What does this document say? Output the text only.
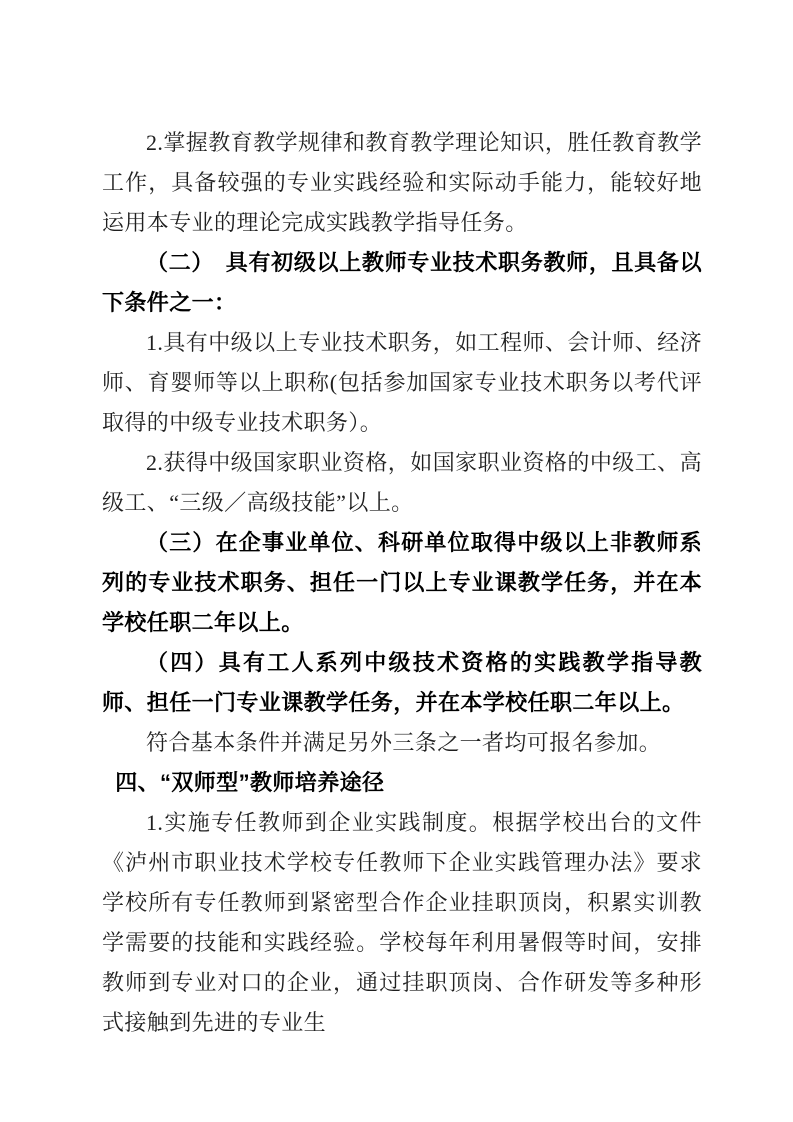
2.掌握教育教学规律和教育教学理论知识，胜任教育教学工作，具备较强的专业实践经验和实际动手能力，能较好地运用本专业的理论完成实践教学指导任务。

（二）　具有初级以上教师专业技术职务教师，且具备以下条件之一：

1.具有中级以上专业技术职务，如工程师、会计师、经济师、育婴师等以上职称(包括参加国家专业技术职务以考代评取得的中级专业技术职务）。

2.获得中级国家职业资格，如国家职业资格的中级工、高级工、“三级／高级技能”以上。

（三）在企事业单位、科研单位取得中级以上非教师系列的专业技术职务、担任一门以上专业课教学任务，并在本学校任职二年以上。

（四）具有工人系列中级技术资格的实践教学指导教师、担任一门专业课教学任务，并在本学校任职二年以上。

符合基本条件并满足另外三条之一者均可报名参加。

四、“双师型”教师培养途径

1.实施专任教师到企业实践制度。根据学校出台的文件《泸州市职业技术学校专任教师下企业实践管理办法》要求学校所有专任教师到紧密型合作企业挂职顶岗，积累实训教学需要的技能和实践经验。学校每年利用暑假等时间，安排教师到专业对口的企业，通过挂职顶岗、合作研发等多种形式接触到先进的专业生
